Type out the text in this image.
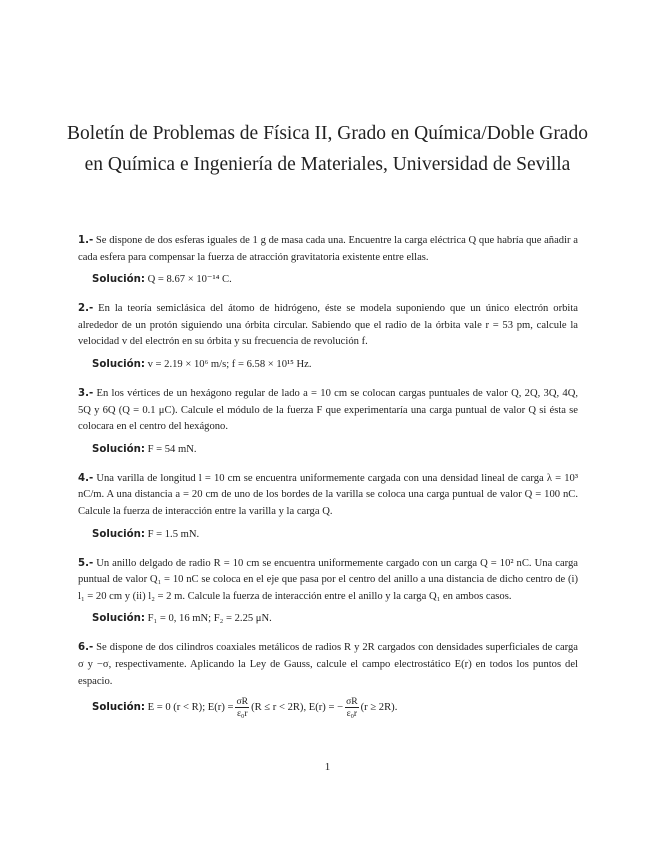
Boletín de Problemas de Física II, Grado en Química/Doble Grado
en Química e Ingeniería de Materiales, Universidad de Sevilla

1.- Se dispone de dos esferas iguales de 1 g de masa cada una. Encuentre la carga eléctrica Q que habría que añadir a cada esfera para compensar la fuerza de atracción gravitatoria existente entre ellas.

Solución: Q = 8.67 × 10⁻¹⁴ C.

2.- En la teoría semiclásica del átomo de hidrógeno, éste se modela suponiendo que un único electrón orbita alrededor de un protón siguiendo una órbita circular. Sabiendo que el radio de la órbita vale r = 53 pm, calcule la velocidad v del electrón en su órbita y su frecuencia de revolución f.

Solución: v = 2.19 × 10⁶ m/s; f = 6.58 × 10¹⁵ Hz.

3.- En los vértices de un hexágono regular de lado a = 10 cm se colocan cargas puntuales de valor Q, 2Q, 3Q, 4Q, 5Q y 6Q (Q = 0.1 μC). Calcule el módulo de la fuerza F que experimentaría una carga puntual de valor Q si ésta se colocara en el centro del hexágono.

Solución: F = 54 mN.

4.- Una varilla de longitud l = 10 cm se encuentra uniformemente cargada con una densidad lineal de carga λ = 10³ nC/m. A una distancia a = 20 cm de uno de los bordes de la varilla se coloca una carga puntual de valor Q = 100 nC. Calcule la fuerza de interacción entre la varilla y la carga Q.

Solución: F = 1.5 mN.

5.- Un anillo delgado de radio R = 10 cm se encuentra uniformemente cargado con un carga Q = 10² nC. Una carga puntual de valor Q₁ = 10 nC se coloca en el eje que pasa por el centro del anillo a una distancia de dicho centro de (i) l₁ = 20 cm y (ii) l₂ = 2 m. Calcule la fuerza de interacción entre el anillo y la carga Q₁ en ambos casos.

Solución: F₁ = 0, 16 mN; F₂ = 2.25 μN.

6.- Se dispone de dos cilindros coaxiales metálicos de radios R y 2R cargados con densidades superficiales de carga σ y −σ, respectivamente. Aplicando la Ley de Gauss, calcule el campo electrostático E(r) en todos los puntos del espacio.

Solución:
E = 0 (r < R); $E(r) = \frac{\sigma R}{\text{ε₀r}} (R \le r < 2R)$, E(r) = − $\frac{\sigma R}{\text{ε₀r}} (r \ge 2R)$.
1
